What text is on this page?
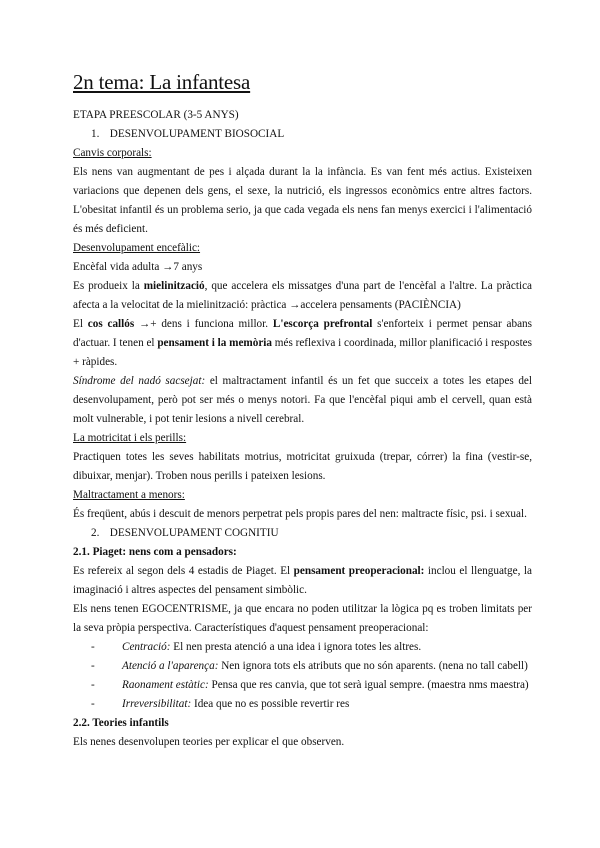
2n tema: La infantesa

ETAPA PREESCOLAR (3-5 ANYS)

1. DESENVOLUPAMENT BIOSOCIAL

Canvis corporals:

Els nens van augmentant de pes i alçada durant la la infància. Es van fent més actius. Existeixen variacions que depenen dels gens, el sexe, la nutrició, els ingressos econòmics entre altres factors. L'obesitat infantil és un problema serio, ja que cada vegada els nens fan menys exercici i l'alimentació és més deficient.

Desenvolupament encefàlic:

Encèfal vida adulta →7 anys

Es produeix la mielinització, que accelera els missatges d'una part de l'encèfal a l'altre. La pràctica afecta a la velocitat de la mielinització: pràctica →accelera pensaments (PACIÈNCIA)

El cos callós →+ dens i funciona millor. L'escorça prefrontal s'enforteix i permet pensar abans d'actuar. I tenen el pensament i la memòria més reflexiva i coordinada, millor planificació i respostes + ràpides.

Síndrome del nadó sacsejat: el maltractament infantil és un fet que succeix a totes les etapes del desenvolupament, però pot ser més o menys notori. Fa que l'encèfal piqui amb el cervell, quan està molt vulnerable, i pot tenir lesions a nivell cerebral.

La motricitat i els perills:

Practiquen totes les seves habilitats motrius, motricitat gruixuda (trepar, córrer) la fina (vestir-se, dibuixar, menjar). Troben nous perills i pateixen lesions.

Maltractament a menors:

És freqüent, abús i descuit de menors perpetrat pels propis pares del nen: maltracte físic, psi. i sexual.

2. DESENVOLUPAMENT COGNITIU

2.1. Piaget: nens com a pensadors:

Es refereix al segon dels 4 estadis de Piaget. El pensament preoperacional: inclou el llenguatge, la imaginació i altres aspectes del pensament simbòlic.

Els nens tenen EGOCENTRISME, ja que encara no poden utilitzar la lògica pq es troben limitats per la seva pròpia perspectiva. Característiques d'aquest pensament preoperacional:

-	Centració: El nen presta atenció a una idea i ignora totes les altres.
-	Atenció a l'aparença: Nen ignora tots els atributs que no són aparents. (nena no tall cabell)
-	Raonament estàtic: Pensa que res canvia, que tot serà igual sempre. (maestra nms maestra)
-	Irreversibilitat: Idea que no es possible revertir res

2.2. Teories infantils

Els nenes desenvolupen teories per explicar el que observen.
